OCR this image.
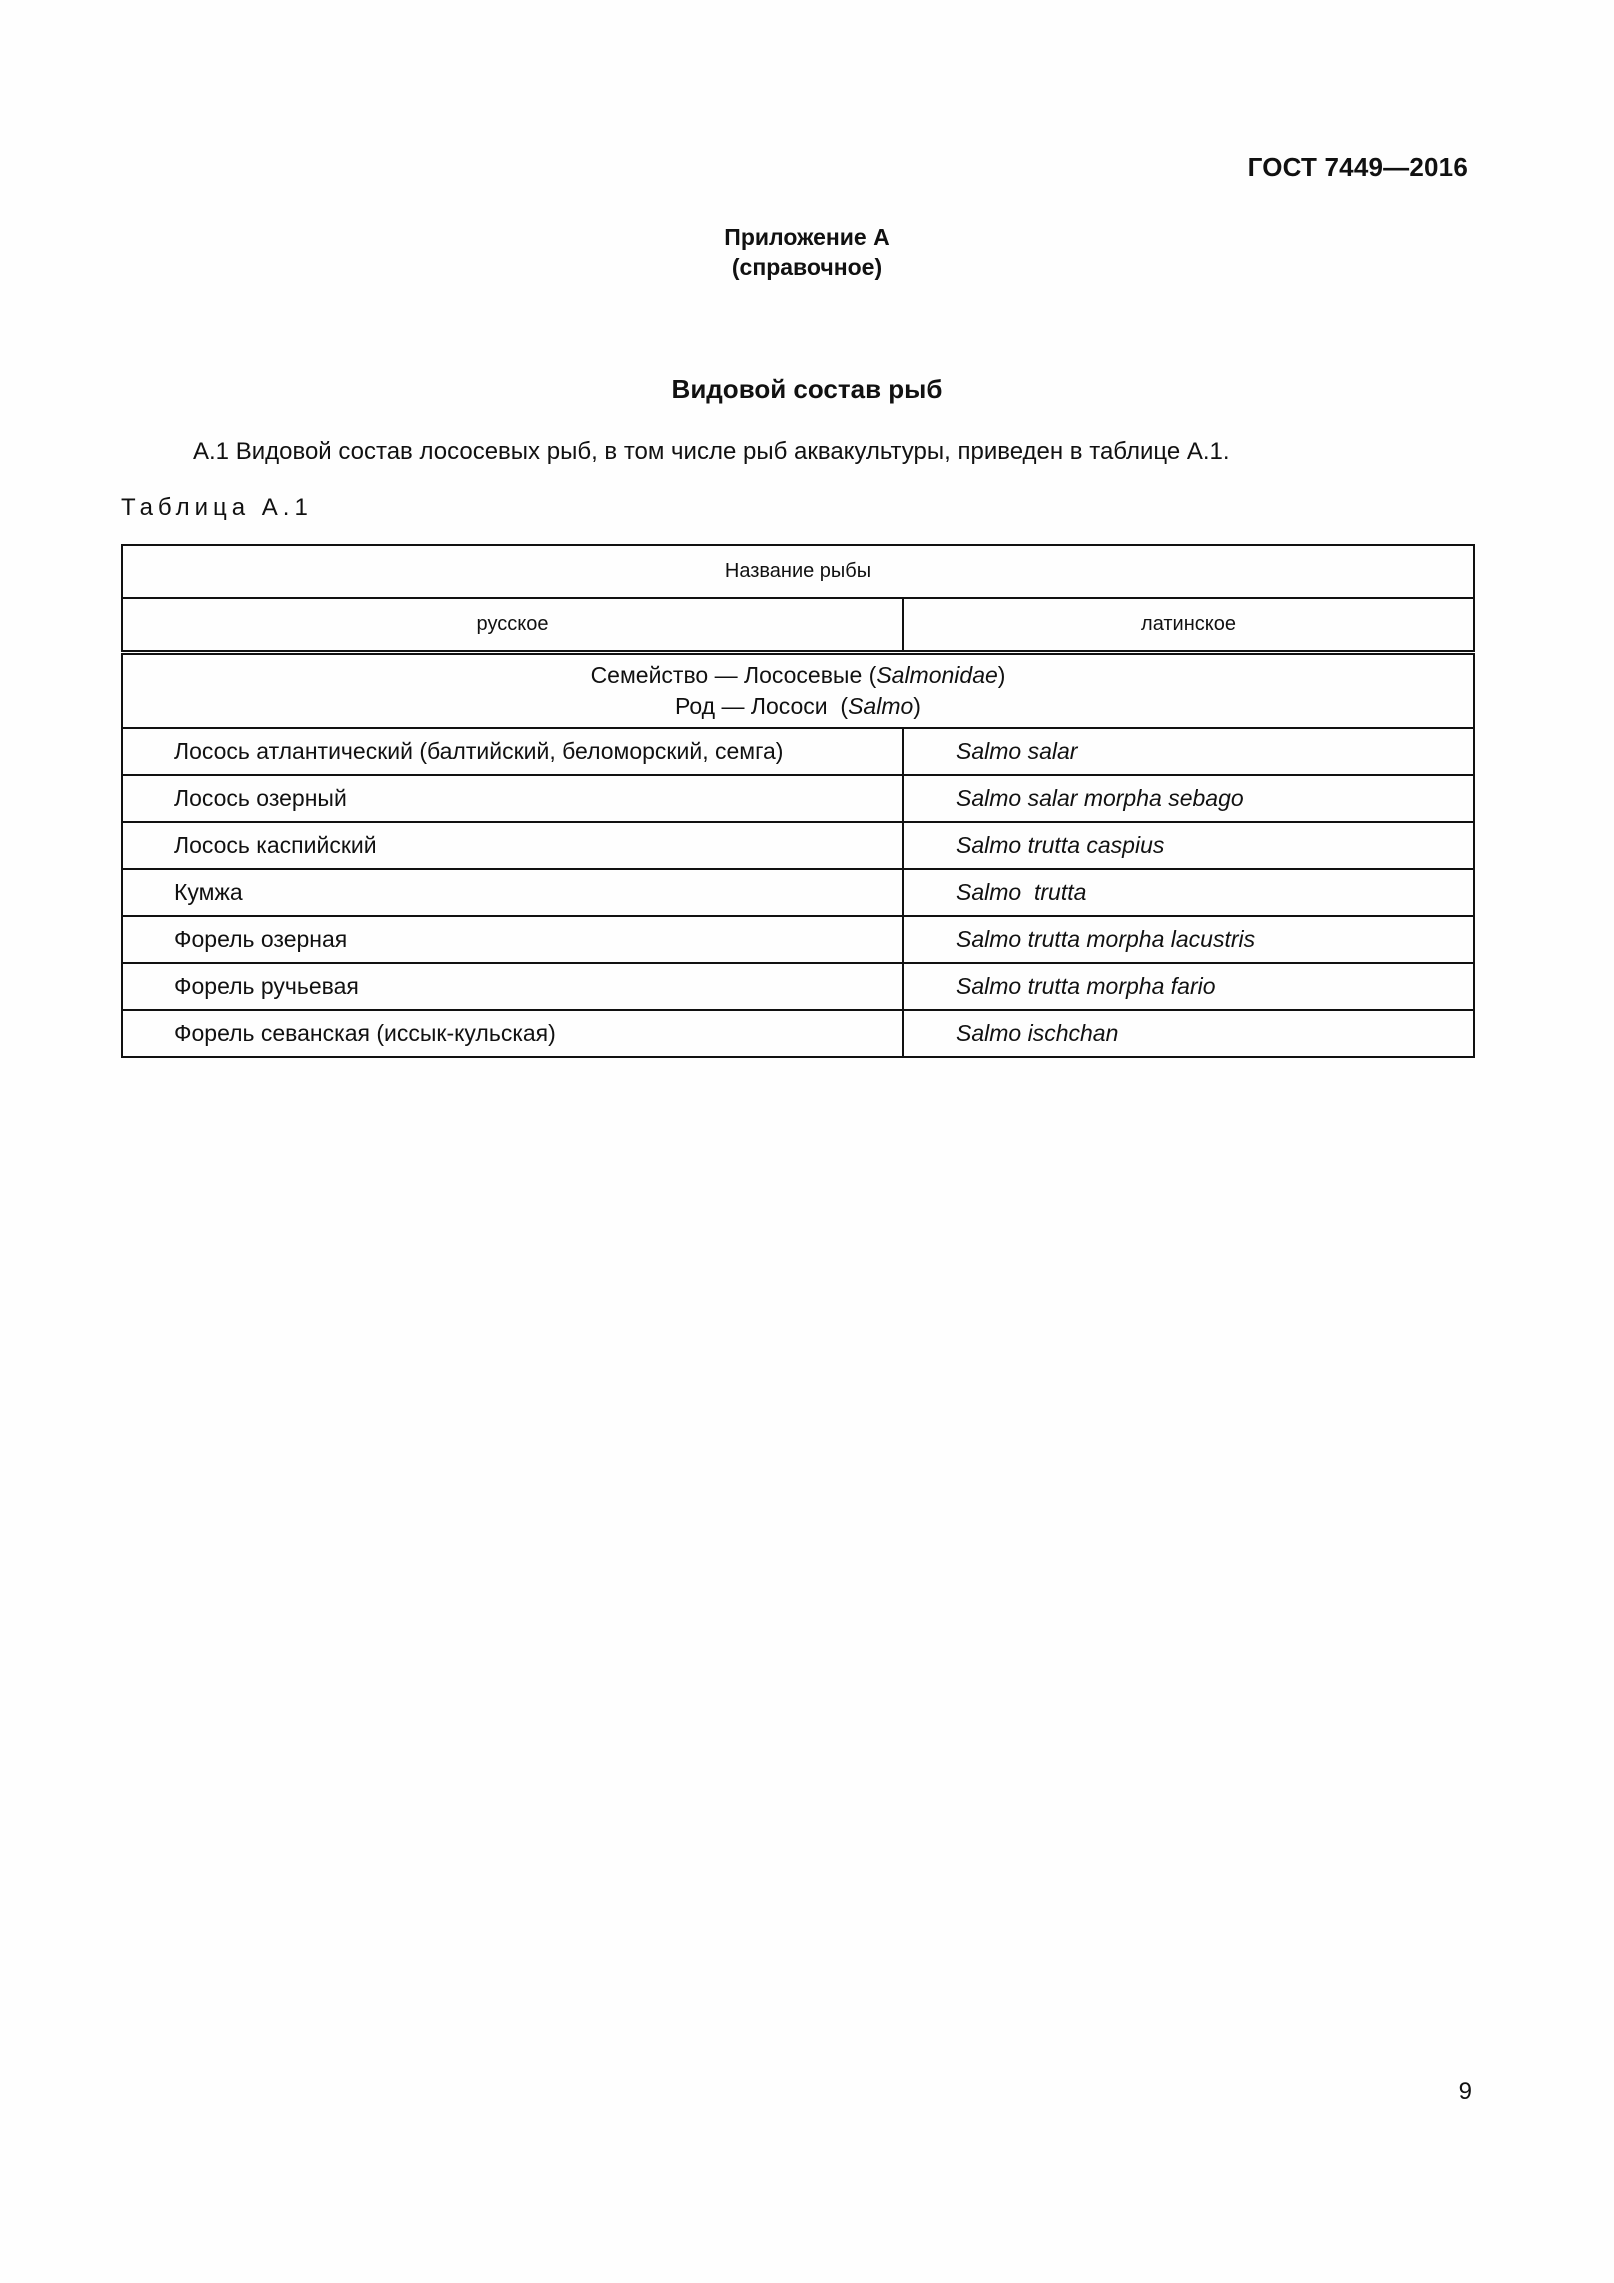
ГОСТ 7449—2016
Приложение А
(справочное)
Видовой состав рыб
А.1 Видовой состав лососевых рыб, в том числе рыб аквакультуры, приведен в таблице А.1.
Таблица А.1
Название рыбы	
русское	латинское

Семейство — Лососевые (Salmonidae)
Род — Лососи  (Salmo)	

Лосось атлантический (балтийский, беломорский, семга)	Salmo salar
Лосось озерный	Salmo salar morpha sebago
Лосось каспийский	Salmo trutta caspius
Кумжа	Salmo  trutta
Форель озерная	Salmo trutta morpha lacustris
Форель ручьевая	Salmo trutta morpha fario
Форель севанская (иссык-кульская)	Salmo ischchan
9
